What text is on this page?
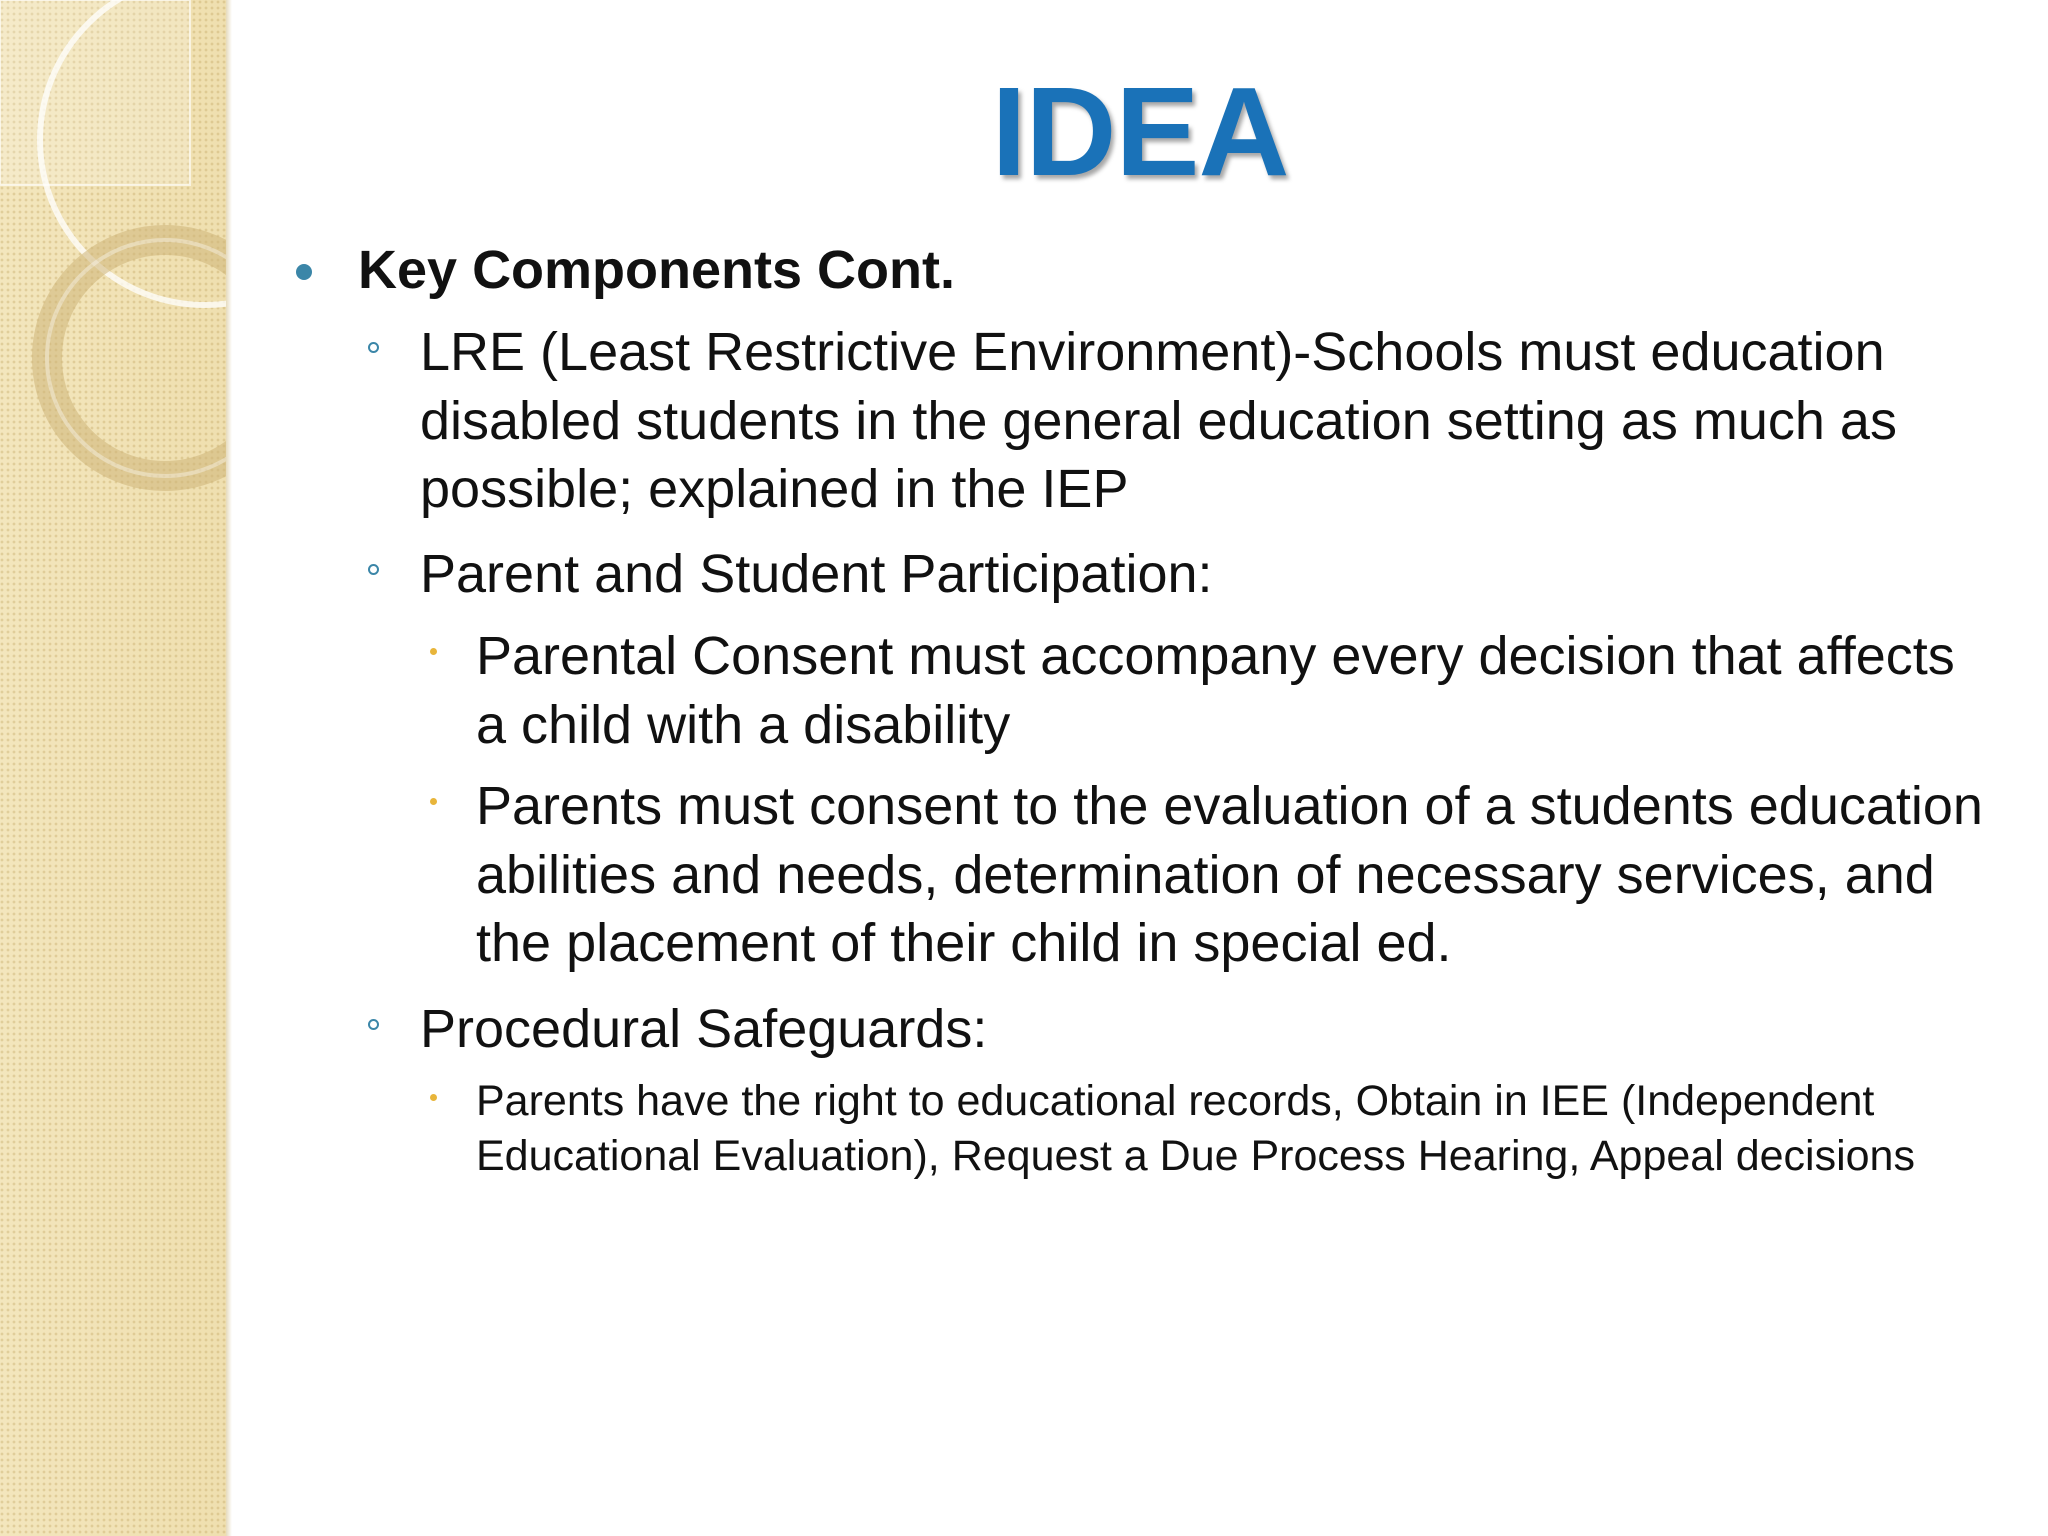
IDEA
Key Components Cont.
LRE (Least Restrictive Environment)-Schools must education disabled students in the general education setting as much as possible; explained in the IEP
Parent and Student Participation:
Parental Consent must accompany every decision that affects a child with a disability
Parents must consent to the evaluation of a students education abilities and needs, determination of necessary services, and the placement of their child in special ed.
Procedural Safeguards:
Parents have the right to educational records, Obtain in IEE (Independent Educational Evaluation), Request a Due Process Hearing, Appeal decisions
